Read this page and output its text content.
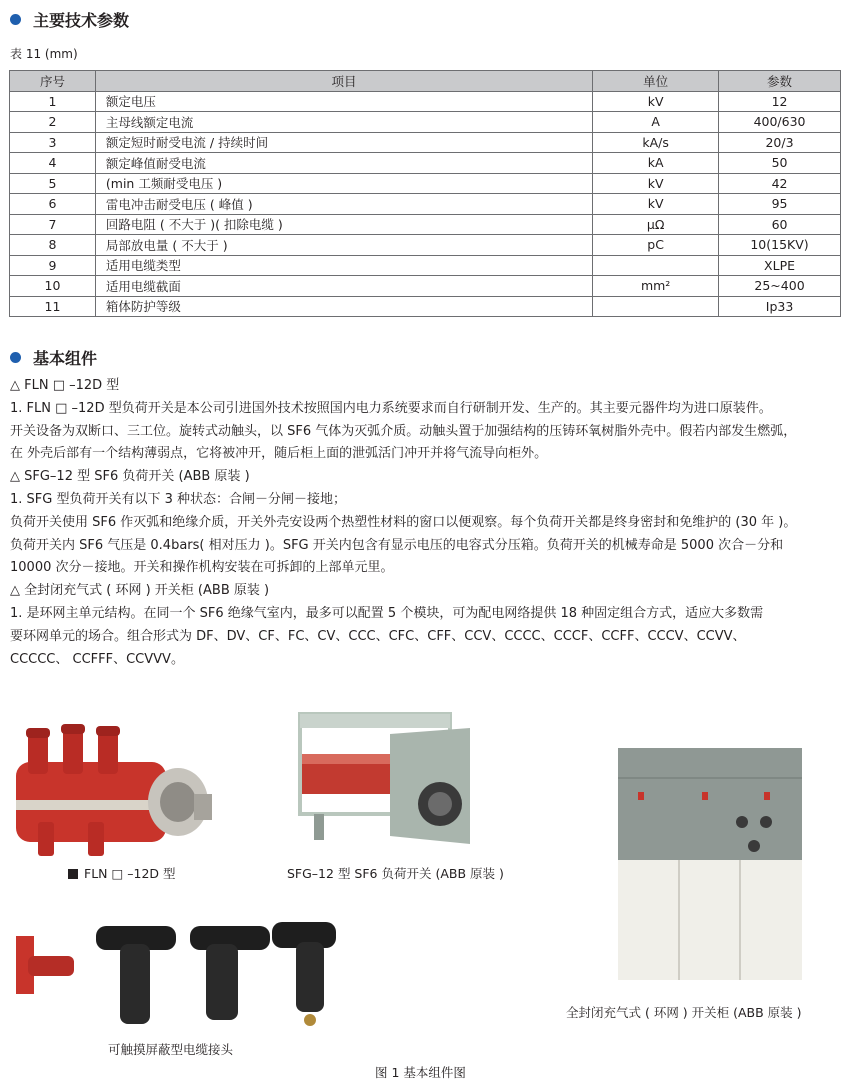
主要技术参数
表 11 (mm)
序号	项目	单位	参数
1	额定电压	kV	12
2	主母线额定电流	A	400/630
3	额定短时耐受电流 / 持续时间	kA/s	20/3
4	额定峰值耐受电流	kA	50
5	(min 工频耐受电压 )	kV	42
6	雷电冲击耐受电压 ( 峰值 )	kV	95
7	回路电阻 ( 不大于 )( 扣除电缆 )	μΩ	60
8	局部放电量 ( 不大于 )	pC	10(15KV)
9	适用电缆类型		XLPE
10	适用电缆截面	mm²	25~400
11	箱体防护等级		Ip33
基本组件

△ FLN □ –12D 型

1. FLN □ –12D 型负荷开关是本公司引进国外技术按照国内电力系统要求而自行研制开发、生产的。其主要元器件均为进口原装件。

开关设备为双断口、三工位。旋转式动触头，以 SF6 气体为灭弧介质。动触头置于加强结构的压铸环氧树脂外壳中。假若内部发生燃弧，

在 外壳后部有一个结构薄弱点，它将被冲开，随后柜上面的泄弧活门冲开并将气流导向柜外。

△ SFG–12 型 SF6 负荷开关 (ABB 原装 )

1. SFG 型负荷开关有以下 3 种状态：合闸－分闸－接地；

负荷开关使用 SF6 作灭弧和绝缘介质，开关外壳安设两个热塑性材料的窗口以便观察。每个负荷开关都是终身密封和免维护的 (30 年 )。

负荷开关内 SF6 气压是 0.4bars( 相对压力 )。SFG 开关内包含有显示电压的电容式分压箱。负荷开关的机械寿命是 5000 次合－分和

10000 次分－接地。开关和操作机构安装在可拆卸的上部单元里。

△ 全封闭充气式 ( 环网 ) 开关柜 (ABB 原装 )

1. 是环网主单元结构。在同一个 SF6 绝缘气室内，最多可以配置 5 个模块，可为配电网络提供 18 种固定组合方式，适应大多数需

要环网单元的场合。组合形式为 DF、DV、CF、FC、CV、CCC、CFC、CFF、CCV、CCCC、CCCF、CCFF、CCCV、CCVV、

CCCCC、 CCFFF、CCVVV。

FLN □ –12D 型	SFG–12 型 SF6 负荷开关 (ABB 原装 )
全封闭充气式 ( 环网 ) 开关柜 (ABB 原装 )
可触摸屏蔽型电缆接头
图 1 基本组件图
